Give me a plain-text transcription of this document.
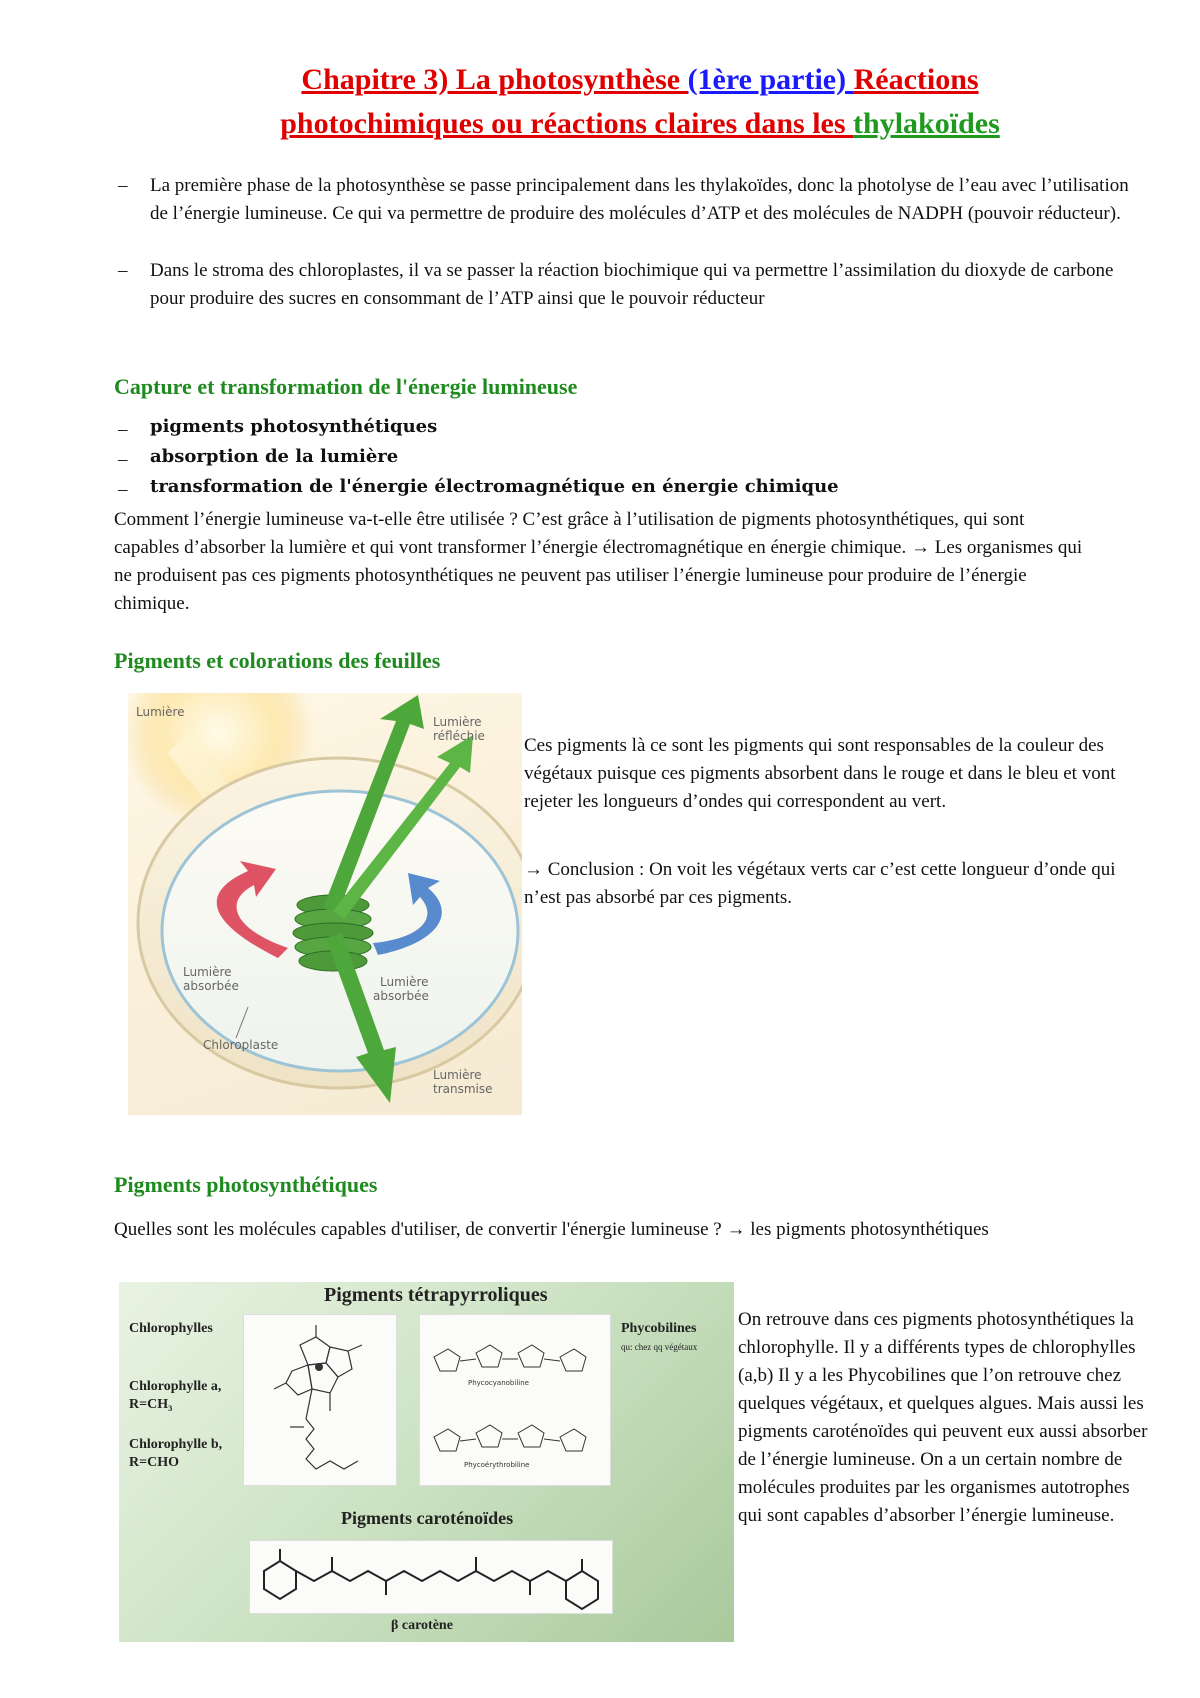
Chapitre 3) La photosynthèse (1ère partie) Réactions
photochimiques ou réactions claires dans les thylakoïdes
– La première phase de la photosynthèse se passe principalement dans les thylakoïdes, donc la photolyse de l’eau avec l’utilisation de l’énergie lumineuse. Ce qui va permettre de produire des molécules d’ATP et des molécules de NADPH (pouvoir réducteur).
– Dans le stroma des chloroplastes, il va se passer la réaction biochimique qui va permettre l’assimilation du dioxyde de carbone pour produire des sucres en consommant de l’ATP ainsi que le pouvoir réducteur
Capture et transformation de l'énergie lumineuse
– pigments photosynthétiques
– absorption de la lumière
– transformation de l'énergie électromagnétique en énergie chimique
Comment l’énergie lumineuse va-t-elle être utilisée ? C’est grâce à l’utilisation de pigments photosynthétiques, qui sont capables d’absorber la lumière et qui vont transformer l’énergie électromagnétique en énergie chimique. → Les organismes qui ne produisent pas ces pigments photosynthétiques ne peuvent pas utiliser l’énergie lumineuse pour produire de l’énergie chimique.
Pigments et colorations des feuilles
Lumière
Lumière
réfléchie
Lumière
absorbée	Lumière
absorbée
Chloroplaste
Lumière
transmise
Ces pigments là ce sont les pigments qui sont responsables de la couleur des végétaux puisque ces pigments absorbent dans le rouge et dans le bleu et vont rejeter les longueurs d’ondes qui correspondent au vert.
→ Conclusion : On voit les végétaux verts car c’est cette longueur d’onde qui n’est pas absorbé par ces pigments.
Pigments photosynthétiques
Quelles sont les molécules capables d'utiliser, de convertir l'énergie lumineuse ? → les pigments photosynthétiques
Pigments tétrapyrroliques
Chlorophylles
Chlorophylle a,
R=CH₃
Chlorophylle b,
R=CHO
Phycobilines
qu: chez qq végétaux
Phycocyanobiline
Phycoérythrobiline
Pigments caroténoïdes
β carotène
On retrouve dans ces pigments photosynthétiques la chlorophylle. Il y a différents types de chlorophylles (a,b) Il y a les Phycobilines que l’on retrouve chez quelques végétaux, et quelques algues. Mais aussi les pigments caroténoïdes qui peuvent eux aussi absorber de l’énergie lumineuse. On a un certain nombre de molécules produites par les organismes autotrophes qui sont capables d’absorber l’énergie lumineuse.
